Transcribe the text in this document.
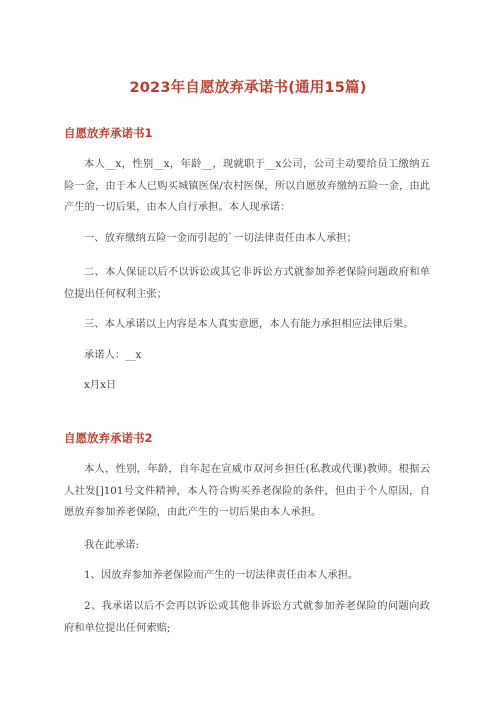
2023年自愿放弃承诺书(通用15篇)
自愿放弃承诺书1
本人__x，性别__x，年龄__，现就职于__x公司，公司主动要给员工缴纳五险一金，由于本人已购买城镇医保/农村医保，所以自愿放弃缴纳五险一金，由此产生的一切后果，由本人自行承担。本人现承诺：
一、放弃缴纳五险一金而引起的`一切法律责任由本人承担；
二、本人保证以后不以诉讼或其它非诉讼方式就参加养老保险问题政府和单位提出任何权利主张；
三、本人承诺以上内容是本人真实意愿，本人有能力承担相应法律后果。
承诺人：__x
x月x日
自愿放弃承诺书2
本人，性别，年龄，自年起在宣威市双河乡担任(私教或代课)教师。根据云人社发[]101号文件精神，本人符合购买养老保险的条件，但由于个人原因，自愿放弃参加养老保险，由此产生的一切后果由本人承担。
我在此承诺:
1、因放弃参加养老保险而产生的一切法律责任由本人承担。
2、我承诺以后不会再以诉讼或其他非诉讼方式就参加养老保险的问题向政府和单位提出任何索赔;
